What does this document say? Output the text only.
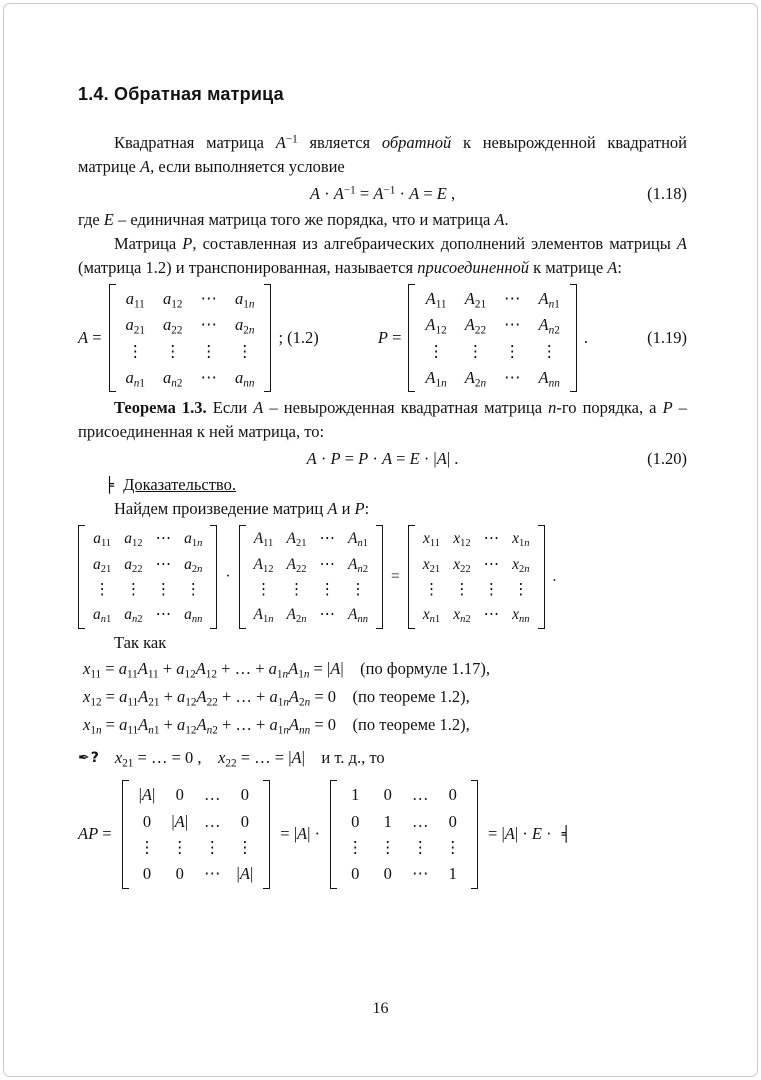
1.4. Обратная матрица

Квадратная матрица $A^{-1}$ является обратной к невырожденной квадратной матрице A, если выполняется условие

$A \cdot A^{-1} = A^{-1} \cdot A = E$ ,	(1.18)

где E – единичная матрица того же порядка, что и матрица A.

Матрица P, составленная из алгебраических дополнений элементов матрицы A (матрица 1.2) и транспонированная, называется присоединенной к матрице A:

A =
$a_{11}$ $a_{12}$ ⋯ $a_{1n}$
$a_{21}$ $a_{22}$ ⋯ $a_{2n}$
⋮ ⋮ ⋮ ⋮
$a_{n1}$ $a_{n2}$ ⋯ $a_{nn}$
; (1.2)	P =
$A_{11}$ $A_{21}$ ⋯ $A_{n1}$
$A_{12}$ $A_{22}$ ⋯ $A_{n2}$
⋮ ⋮ ⋮ ⋮
$A_{1n}$ $A_{2n}$ ⋯ $A_{nn}$
.	(1.19)

Теорема 1.3. Если A – невырожденная квадратная матрица n-го порядка, а P – присоединенная к ней матрица, то:

A · P = P · A = E · |A| .	(1.20)

╞ Доказательство.

Найдем произведение матриц A и P:

$a_{11}$ $a_{12}$ ⋯ $a_{1n}$
$a_{21}$ $a_{22}$ ⋯ $a_{2n}$
⋮ ⋮ ⋮ ⋮
$a_{n1}$ $a_{n2}$ ⋯ $a_{nn}$
·
$A_{11}$ $A_{21}$ ⋯ $A_{n1}$
$A_{12}$ $A_{22}$ ⋯ $A_{n2}$
⋮ ⋮ ⋮ ⋮
$A_{1n}$ $A_{2n}$ ⋯ $A_{nn}$
=
$x_{11}$ $x_{12}$ ⋯ $x_{1n}$
$x_{21}$ $x_{22}$ ⋯ $x_{2n}$
⋮ ⋮ ⋮ ⋮
$x_{n1}$ $x_{n2}$ ⋯ $x_{nn}$
.

Так как

$x_{11} = a_{11}A_{11} + a_{12}A_{12}$ + … + $a_{1n}A_{1n} = |A|$ (по формуле 1.17),
$x_{12} = a_{11}A_{21} + a_{12}A_{22}$ + … + $a_{1n}A_{2n} = 0$ (по теореме 1.2),
$x_{1n} = a_{11}A_{n1} + a_{12}A_{n2}$ + … + $a_{1n}A_{nn} = 0$ (по теореме 1.2),
✒? $x_{21}$ = … = 0 , $x_{22}$ = … = |A| и т. д., то
AP =
|A| 0 … 0
0 |A| … 0
⋮ ⋮ ⋮ ⋮
0 0 ⋯ |A|
= |A| ·
1 0 … 0
0 1 … 0
⋮ ⋮ ⋮ ⋮
0 0 ⋯ 1
= |A| · E · ╡
16
